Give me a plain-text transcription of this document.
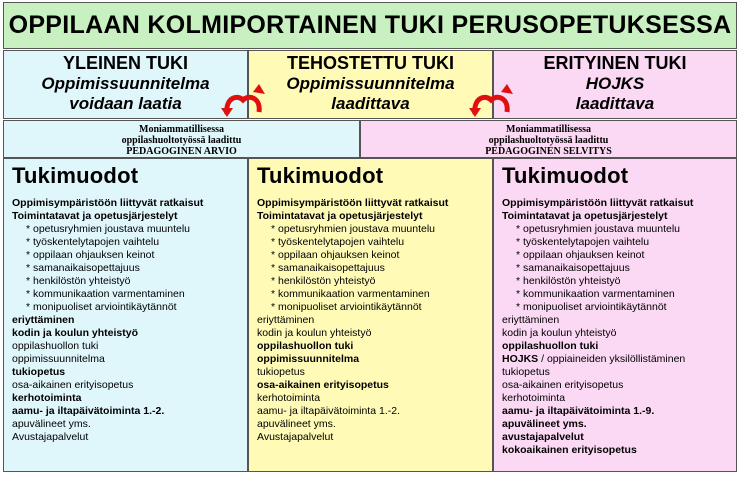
OPPILAAN KOLMIPORTAINEN TUKI PERUSOPETUKSESSA
YLEINEN TUKI
Oppimissuunnitelma
voidaan laatia
TEHOSTETTU TUKI
Oppimissuunnitelma
laadittava
ERITYINEN TUKI
HOJKS
laadittava
Moniammatillisessa
oppilashuoltotyössä laadittu
PEDAGOGINEN ARVIO
Moniammatillisessa
oppilashuoltotyössä laadittu
PEDAGOGINEN SELVITYS
Tukimuodot
Oppimisympäristöön liittyvät ratkaisut
Toimintatavat ja opetusjärjestelyt
* opetusryhmien joustava muuntelu
* työskentelytapojen vaihtelu
* oppilaan ohjauksen keinot
* samanaikaisopettajuus
* henkilöstön yhteistyö
* kommunikaation varmentaminen
* monipuoliset arviointikäytännöt
eriyttäminen
kodin ja koulun yhteistyö
oppilashuollon tuki
oppimissuunnitelma
tukiopetus
osa-aikainen erityisopetus
kerhotoiminta
aamu- ja iltapäivätoiminta 1.-2.
apuvälineet yms.
Avustajapalvelut
Tukimuodot
Oppimisympäristöön liittyvät ratkaisut
Toimintatavat ja opetusjärjestelyt
* opetusryhmien joustava muuntelu
* työskentelytapojen vaihtelu
* oppilaan ohjauksen keinot
* samanaikaisopettajuus
* henkilöstön yhteistyö
* kommunikaation varmentaminen
* monipuoliset arviointikäytännöt
eriyttäminen
kodin ja koulun yhteistyö
oppilashuollon tuki
oppimissuunnitelma
tukiopetus
osa-aikainen erityisopetus
kerhotoiminta
aamu- ja iltapäivätoiminta 1.-2.
apuvälineet yms.
Avustajapalvelut
Tukimuodot
Oppimisympäristöön liittyvät ratkaisut
Toimintatavat ja opetusjärjestelyt
* opetusryhmien joustava muuntelu
* työskentelytapojen vaihtelu
* oppilaan ohjauksen keinot
* samanaikaisopettajuus
* henkilöstön yhteistyö
* kommunikaation varmentaminen
* monipuoliset arviointikäytännöt
eriyttäminen
kodin ja koulun yhteistyö
oppilashuollon tuki
HOJKS / oppiaineiden yksilöllistäminen
tukiopetus
osa-aikainen erityisopetus
kerhotoiminta
aamu- ja iltapäivätoiminta 1.-9.
apuvälineet yms.
avustajapalvelut
kokoaikainen erityisopetus
